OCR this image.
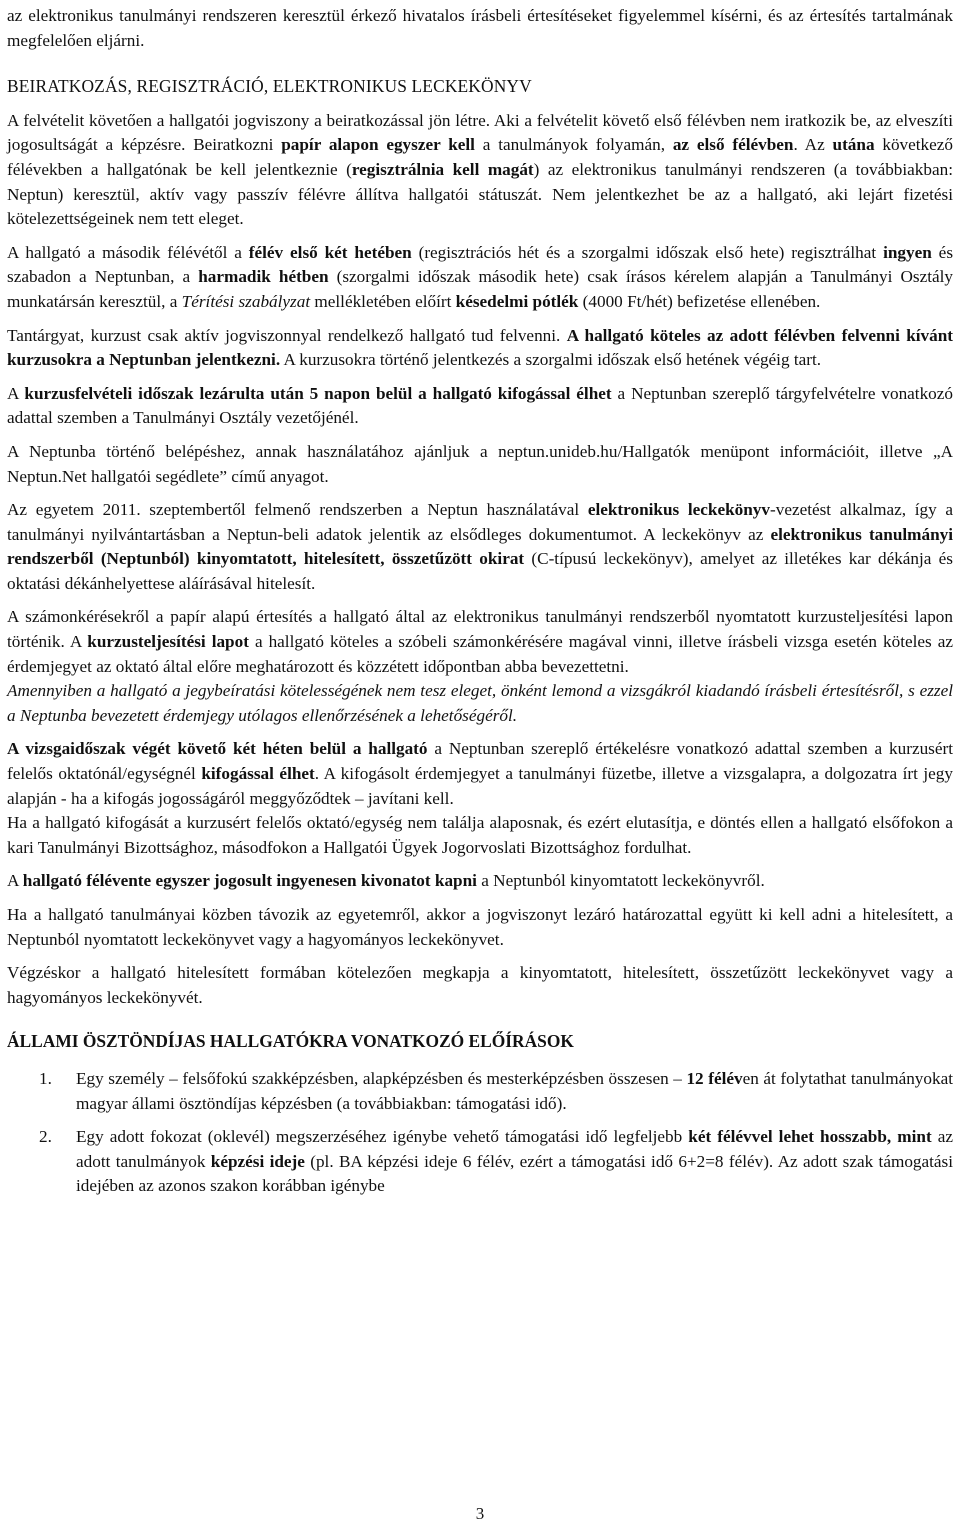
az elektronikus tanulmányi rendszeren keresztül érkező hivatalos írásbeli értesítéseket figyelemmel kísérni, és az értesítés tartalmának megfelelően eljárni.

BEIRATKOZÁS, REGISZTRÁCIÓ, ELEKTRONIKUS LECKEKÖNYV

A felvételit követően a hallgatói jogviszony a beiratkozással jön létre. Aki a felvételit követő első félévben nem iratkozik be, az elveszíti jogosultságát a képzésre. Beiratkozni papír alapon egyszer kell a tanulmányok folyamán, az első félévben. Az utána következő félévekben a hallgatónak be kell jelentkeznie (regisztrálnia kell magát) az elektronikus tanulmányi rendszeren (a továbbiakban: Neptun) keresztül, aktív vagy passzív félévre állítva hallgatói státuszát. Nem jelentkezhet be az a hallgató, aki lejárt fizetési kötelezettségeinek nem tett eleget.

A hallgató a második félévétől a félév első két hetében (regisztrációs hét és a szorgalmi időszak első hete) regisztrálhat ingyen és szabadon a Neptunban, a harmadik hétben (szorgalmi időszak második hete) csak írásos kérelem alapján a Tanulmányi Osztály munkatársán keresztül, a Térítési szabályzat mellékletében előírt késedelmi pótlék (4000 Ft/hét) befizetése ellenében.

Tantárgyat, kurzust csak aktív jogviszonnyal rendelkező hallgató tud felvenni. A hallgató köteles az adott félévben felvenni kívánt kurzusokra a Neptunban jelentkezni. A kurzusokra történő jelentkezés a szorgalmi időszak első hetének végéig tart.

A kurzusfelvételi időszak lezárulta után 5 napon belül a hallgató kifogással élhet a Neptunban szereplő tárgyfelvételre vonatkozó adattal szemben a Tanulmányi Osztály vezetőjénél.

A Neptunba történő belépéshez, annak használatához ajánljuk a neptun.unideb.hu/Hallgatók menüpont információit, illetve „A Neptun.Net hallgatói segédlete” című anyagot.

Az egyetem 2011. szeptembertől felmenő rendszerben a Neptun használatával elektronikus leckekönyv-vezetést alkalmaz, így a tanulmányi nyilvántartásban a Neptun-beli adatok jelentik az elsődleges dokumentumot. A leckekönyv az elektronikus tanulmányi rendszerből (Neptunból) kinyomtatott, hitelesített, összetűzött okirat (C-típusú leckekönyv), amelyet az illetékes kar dékánja és oktatási dékánhelyettese aláírásával hitelesít.

A számonkérésekről a papír alapú értesítés a hallgató által az elektronikus tanulmányi rendszerből nyomtatott kurzusteljesítési lapon történik. A kurzusteljesítési lapot a hallgató köteles a szóbeli számonkérésére magával vinni, illetve írásbeli vizsga esetén köteles az érdemjegyet az oktató által előre meghatározott és közzétett időpontban abba bevezettetni.

Amennyiben a hallgató a jegybeíratási kötelességének nem tesz eleget, önként lemond a vizsgákról kiadandó írásbeli értesítésről, s ezzel a Neptunba bevezetett érdemjegy utólagos ellenőrzésének a lehetőségéről.

A vizsgaidőszak végét követő két héten belül a hallgató a Neptunban szereplő értékelésre vonatkozó adattal szemben a kurzusért felelős oktatónál/egységnél kifogással élhet. A kifogásolt érdemjegyet a tanulmányi füzetbe, illetve a vizsgalapra, a dolgozatra írt jegy alapján - ha a kifogás jogosságáról meggyőződtek – javítani kell.

Ha a hallgató kifogását a kurzusért felelős oktató/egység nem találja alaposnak, és ezért elutasítja, e döntés ellen a hallgató elsőfokon a kari Tanulmányi Bizottsághoz, másodfokon a Hallgatói Ügyek Jogorvoslati Bizottsághoz fordulhat.

A hallgató félévente egyszer jogosult ingyenesen kivonatot kapni a Neptunból kinyomtatott leckekönyvről.

Ha a hallgató tanulmányai közben távozik az egyetemről, akkor a jogviszonyt lezáró határozattal együtt ki kell adni a hitelesített, a Neptunból nyomtatott leckekönyvet vagy a hagyományos leckekönyvet.

Végzéskor a hallgató hitelesített formában kötelezően megkapja a kinyomtatott, hitelesített, összetűzött leckekönyvet vagy a hagyományos leckekönyvét.

ÁLLAMI ÖSZTÖNDÍJAS HALLGATÓKRA VONATKOZÓ ELŐÍRÁSOK

1. Egy személy – felsőfokú szakképzésben, alapképzésben és mesterképzésben összesen – 12 féléven át folytathat tanulmányokat magyar állami ösztöndíjas képzésben (a továbbiakban: támogatási idő).
2. Egy adott fokozat (oklevél) megszerzéséhez igénybe vehető támogatási idő legfeljebb két félévvel lehet hosszabb, mint az adott tanulmányok képzési ideje (pl. BA képzési ideje 6 félév, ezért a támogatási idő 6+2=8 félév). Az adott szak támogatási idejében az azonos szakon korábban igénybe
3
